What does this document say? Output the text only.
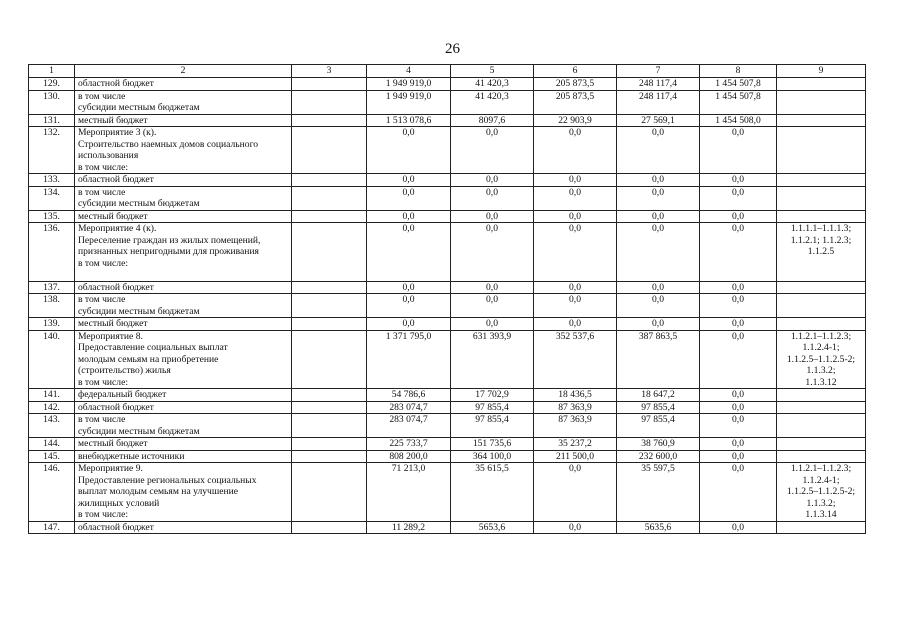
26
1	2	3	4	5	6	7	8	9
129.	областной бюджет		1 949 919,0	41 420,3	205 873,5	248 117,4	1 454 507,8	
130.	в том числе
субсидии местным бюджетам		1 949 919,0	41 420,3	205 873,5	248 117,4	1 454 507,8	
131.	местный бюджет		1 513 078,6	8097,6	22 903,9	27 569,1	1 454 508,0	
132.	Мероприятие 3 (к).
Строительство наемных домов социального
использования
в том числе:		0,0	0,0	0,0	0,0	0,0	
133.	областной бюджет		0,0	0,0	0,0	0,0	0,0	
134.	в том числе
субсидии местным бюджетам		0,0	0,0	0,0	0,0	0,0	
135.	местный бюджет		0,0	0,0	0,0	0,0	0,0	
136.	Мероприятие 4 (к).
Переселение граждан из жилых помещений,
признанных непригодными для проживания
в том числе:		0,0	0,0	0,0	0,0	0,0	1.1.1.1–1.1.1.3;
1.1.2.1; 1.1.2.3;
1.1.2.5

137.	областной бюджет		0,0	0,0	0,0	0,0	0,0	
138.	в том числе
субсидии местным бюджетам		0,0	0,0	0,0	0,0	0,0	
139.	местный бюджет		0,0	0,0	0,0	0,0	0,0	
140.	Мероприятие 8.
Предоставление социальных выплат
молодым семьям на приобретение
(строительство) жилья
в том числе:		1 371 795,0	631 393,9	352 537,6	387 863,5	0,0	1.1.2.1–1.1.2.3;
1.1.2.4-1;
1.1.2.5–1.1.2.5-2;
1.1.3.2;
1.1.3.12

141.	федеральный бюджет		54 786,6	17 702,9	18 436,5	18 647,2	0,0	
142.	областной бюджет		283 074,7	97 855,4	87 363,9	97 855,4	0,0	
143.	в том числе
субсидии местным бюджетам		283 074,7	97 855,4	87 363,9	97 855,4	0,0	
144.	местный бюджет		225 733,7	151 735,6	35 237,2	38 760,9	0,0	
145.	внебюджетные источники		808 200,0	364 100,0	211 500,0	232 600,0	0,0	
146.	Мероприятие 9.
Предоставление региональных социальных
выплат молодым семьям на улучшение
жилищных условий
в том числе:		71 213,0	35 615,5	0,0	35 597,5	0,0	1.1.2.1–1.1.2.3;
1.1.2.4-1;
1.1.2.5–1.1.2.5-2;
1.1.3.2;
1.1.3.14

147.	областной бюджет		11 289,2	5653,6	0,0	5635,6	0,0	
